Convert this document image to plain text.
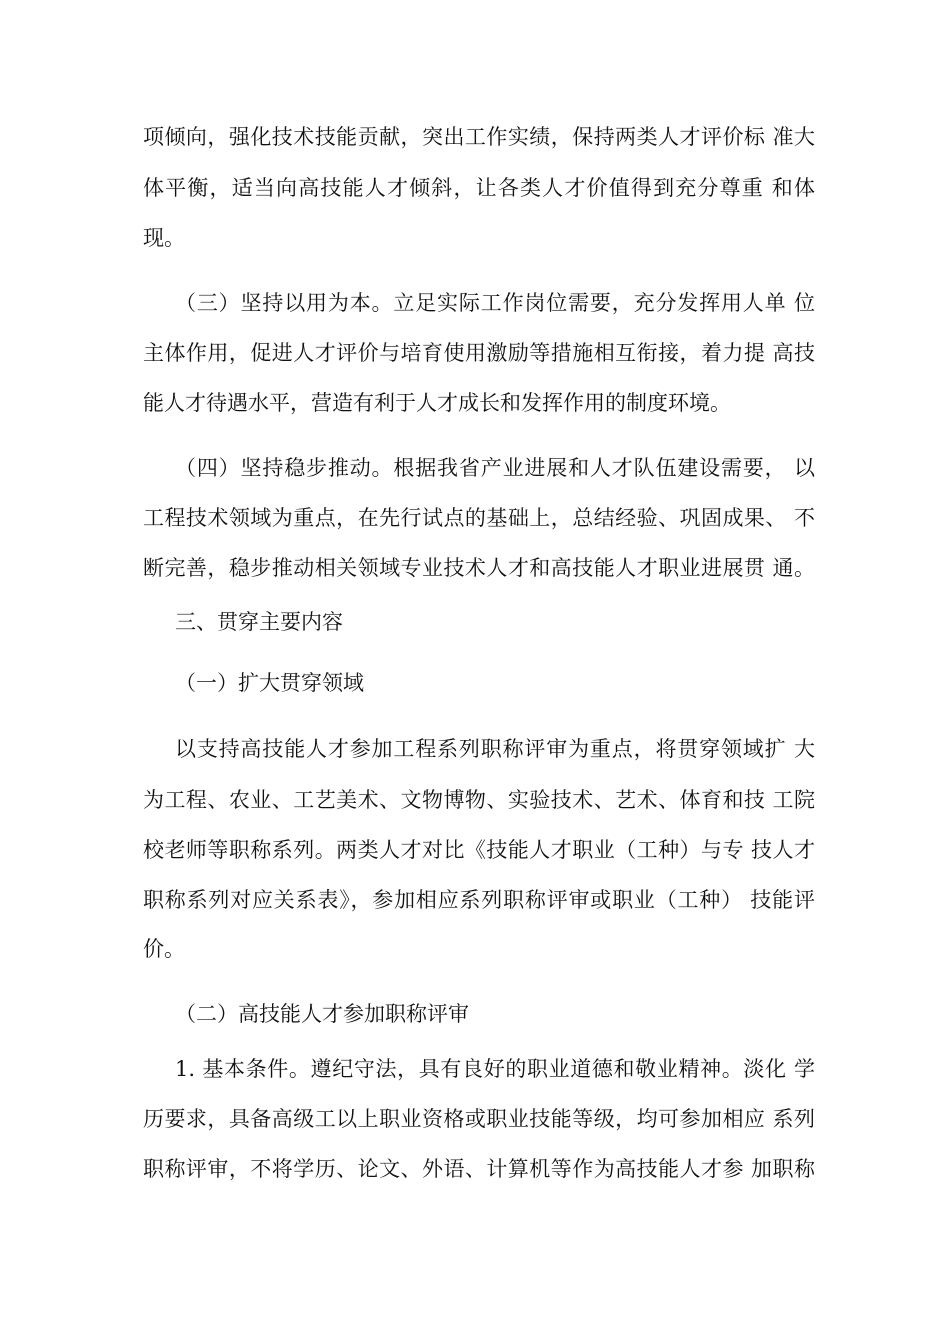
项倾向，强化技术技能贡献，突出工作实绩，保持两类人才评价标 准大
体平衡，适当向高技能人才倾斜，让各类人才价值得到充分尊重 和体
现。
（三）坚持以用为本。立足实际工作岗位需要，充分发挥用人单 位
主体作用，促进人才评价与培育使用激励等措施相互衔接，着力提 高技
能人才待遇水平，营造有利于人才成长和发挥作用的制度环境。
（四）坚持稳步推动。根据我省产业进展和人才队伍建设需要， 以
工程技术领域为重点，在先行试点的基础上，总结经验、巩固成果、 不
断完善，稳步推动相关领域专业技术人才和高技能人才职业进展贯 通。
三、贯穿主要内容
（一）扩大贯穿领域
以支持高技能人才参加工程系列职称评审为重点，将贯穿领域扩 大
为工程、农业、工艺美术、文物博物、实验技术、艺术、体育和技 工院
校老师等职称系列。两类人才对比《技能人才职业（工种）与专 技人才
职称系列对应关系表》，参加相应系列职称评审或职业（工种） 技能评
价。
（二）高技能人才参加职称评审
1. 基本条件。遵纪守法，具有良好的职业道德和敬业精神。淡化 学
历要求，具备高级工以上职业资格或职业技能等级，均可参加相应 系列
职称评审，不将学历、论文、外语、计算机等作为高技能人才参 加职称
